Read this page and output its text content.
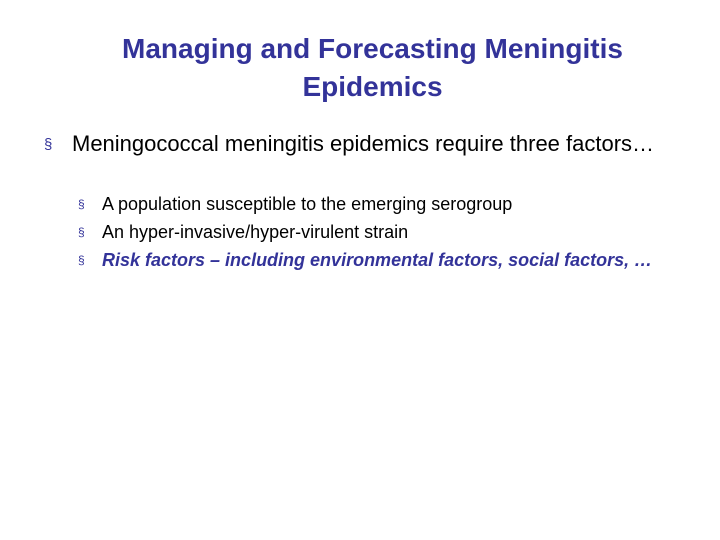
Managing and Forecasting Meningitis
Epidemics
§ Meningococcal meningitis epidemics require three factors…
§ A population susceptible to the emerging serogroup
§ An hyper-invasive/hyper-virulent strain
§ Risk factors – including environmental factors, social factors, …
